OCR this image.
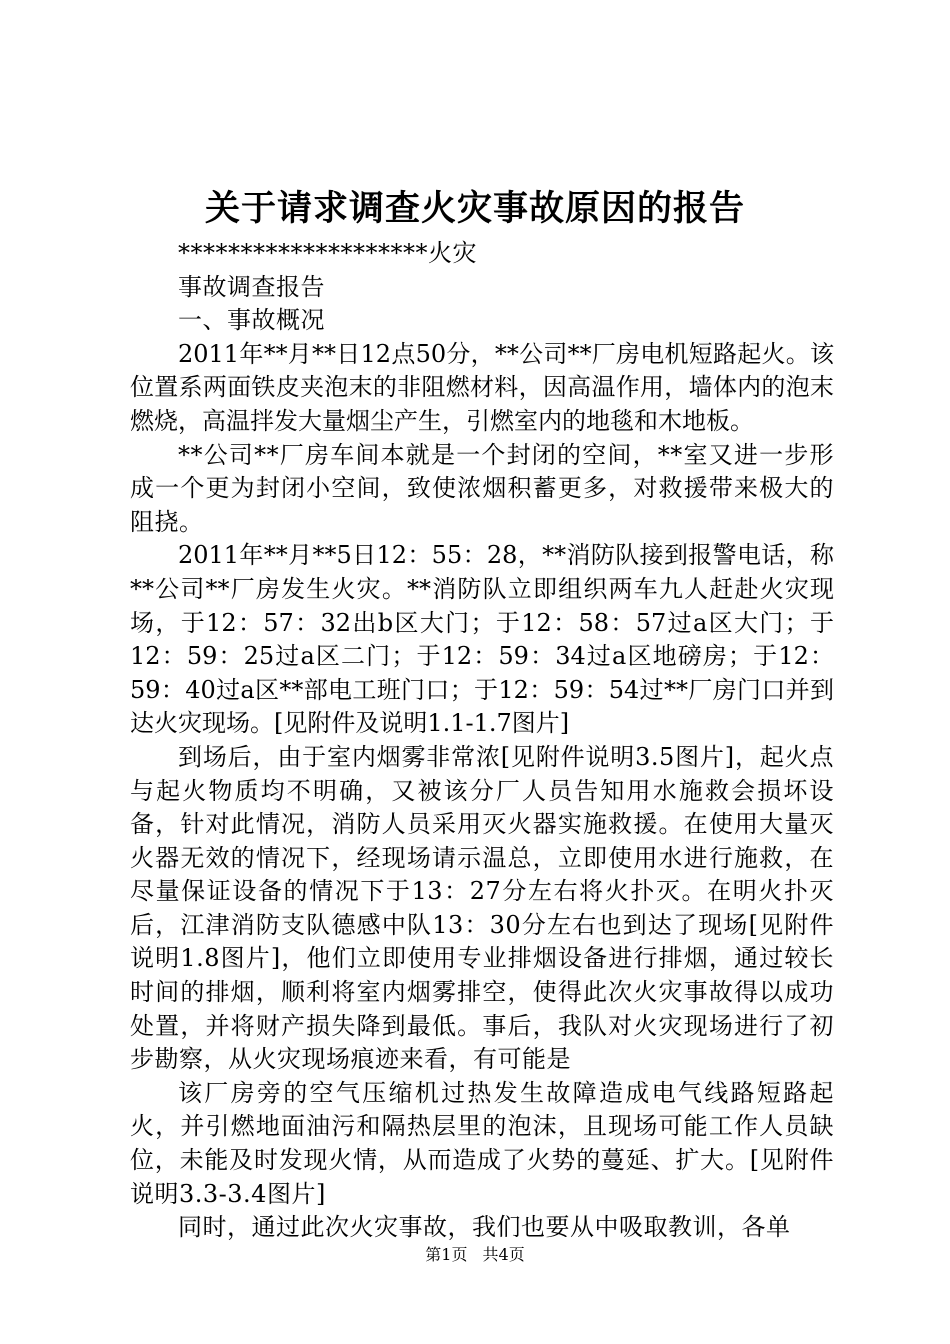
关于请求调查火灾事故原因的报告

********************火灾

事故调查报告

一、事故概况

2011年**月**日12点50分，**公司**厂房电机短路起火。该位置系两面铁皮夹泡末的非阻燃材料，因高温作用，墙体内的泡末燃烧，高温拌发大量烟尘产生，引燃室内的地毯和木地板。

**公司**厂房车间本就是一个封闭的空间，**室又进一步形成一个更为封闭小空间，致使浓烟积蓄更多，对救援带来极大的阻挠。

2011年**月**5日12：55：28，**消防队接到报警电话，称**公司**厂房发生火灾。**消防队立即组织两车九人赶赴火灾现场，于12：57：32出b区大门；于12：58：57过a区大门；于12：59：25过a区二门；于12：59：34过a区地磅房；于12：59：40过a区**部电工班门口；于12：59：54过**厂房门口并到达火灾现场。[见附件及说明1.1-1.7图片]

到场后，由于室内烟雾非常浓[见附件说明3.5图片]，起火点与起火物质均不明确，又被该分厂人员告知用水施救会损坏设备，针对此情况，消防人员采用灭火器实施救援。在使用大量灭火器无效的情况下，经现场请示温总，立即使用水进行施救，在尽量保证设备的情况下于13：27分左右将火扑灭。在明火扑灭后，江津消防支队德感中队13：30分左右也到达了现场[见附件说明1.8图片]，他们立即使用专业排烟设备进行排烟，通过较长时间的排烟，顺利将室内烟雾排空，使得此次火灾事故得以成功处置，并将财产损失降到最低。事后，我队对火灾现场进行了初步勘察，从火灾现场痕迹来看，有可能是

该厂房旁的空气压缩机过热发生故障造成电气线路短路起火，并引燃地面油污和隔热层里的泡沫，且现场可能工作人员缺位，未能及时发现火情，从而造成了火势的蔓延、扩大。[见附件说明3.3-3.4图片]

同时，通过此次火灾事故，我们也要从中吸取教训，各单

第1页 共4页
